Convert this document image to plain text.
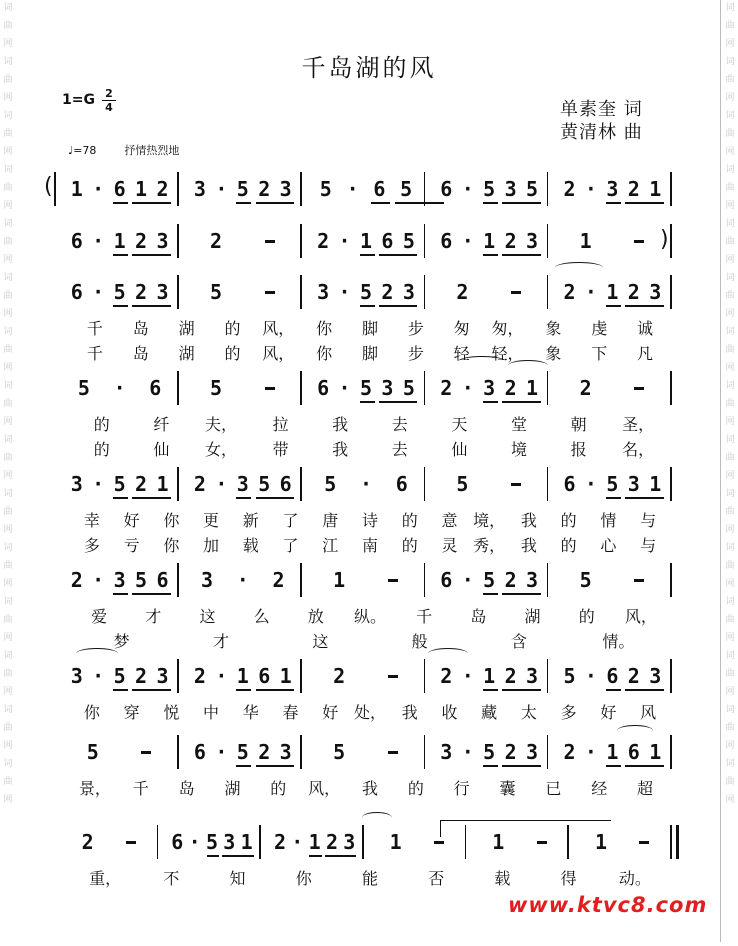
词
曲
网
词
曲
网
词
曲
网
词
曲
网
词
曲
网
词
曲
网
词
曲
网
词
曲
网
词
曲
网
词
曲
网
词
曲
网
词
曲
网
词
曲
网
词
曲
网
词
曲
网
词
曲
网
词
曲
网
词
曲
网
词
曲
网
词
曲
网
词
曲
网
词
曲
网
词
曲
网
词
曲
网
词
曲
网
词
曲
网
词
曲
网
词
曲
网
词
曲
网
词
曲
网
千岛湖的风
1=G 2
4	单素奎 词
黄清林 曲
♩=78	抒情热烈地
1 · 6 1 2 3 · 5 2 3 5 · 6 5 6 · 5 3 5 2 · 3 2 1
6 · 1 2 3 2	2 · 1 6 5 6 · 1 2 3 1
6 · 5 2 3 5	3 · 5 2 3 2	2 · 1 2 3
千 岛 湖 的 风， 你 脚 步 匆 匆， 象 虔 诚
千 岛 湖 的 风， 你 脚 步 轻 轻， 象 下 凡
5 · 6 5	6 · 5 3 5 2 · 3 2 1 2
的	纤 夫， 拉	我	去	天	堂	朝 圣，
的	仙 女， 带	我	去	仙	境	报 名，
3 · 5 2 1 2 · 3 5 6 5 · 6 5	6 · 5 3 1
幸 好 你 更 新 了 唐 诗 的 意 境， 我 的 情 与
多 亏 你 加 载 了 江 南 的 灵 秀， 我 的 心 与
2 · 3 5 6 3 · 2 1	6 · 5 2 3 5
爱 才 这 么 放 纵。 千 岛 湖 的 风，
梦	才	这	般	含	情。
3 · 5 2 3 2 · 1 6 1 2	2 · 1 2 3 5 · 6 2 3
你 穿 悦 中 华 春 好 处， 我 收 藏 太 多 好 风
5	6 · 5 2 3 5	3 · 5 2 3 2 · 1 6 1
景， 千 岛 湖 的 风， 我 的 行 囊 已 经 超
2	6 · 5 3 1 2 · 1 2 3 1	1	1
重，	不	知	你	能	否	载	得	动。
(
)
www.ktvc8.com
